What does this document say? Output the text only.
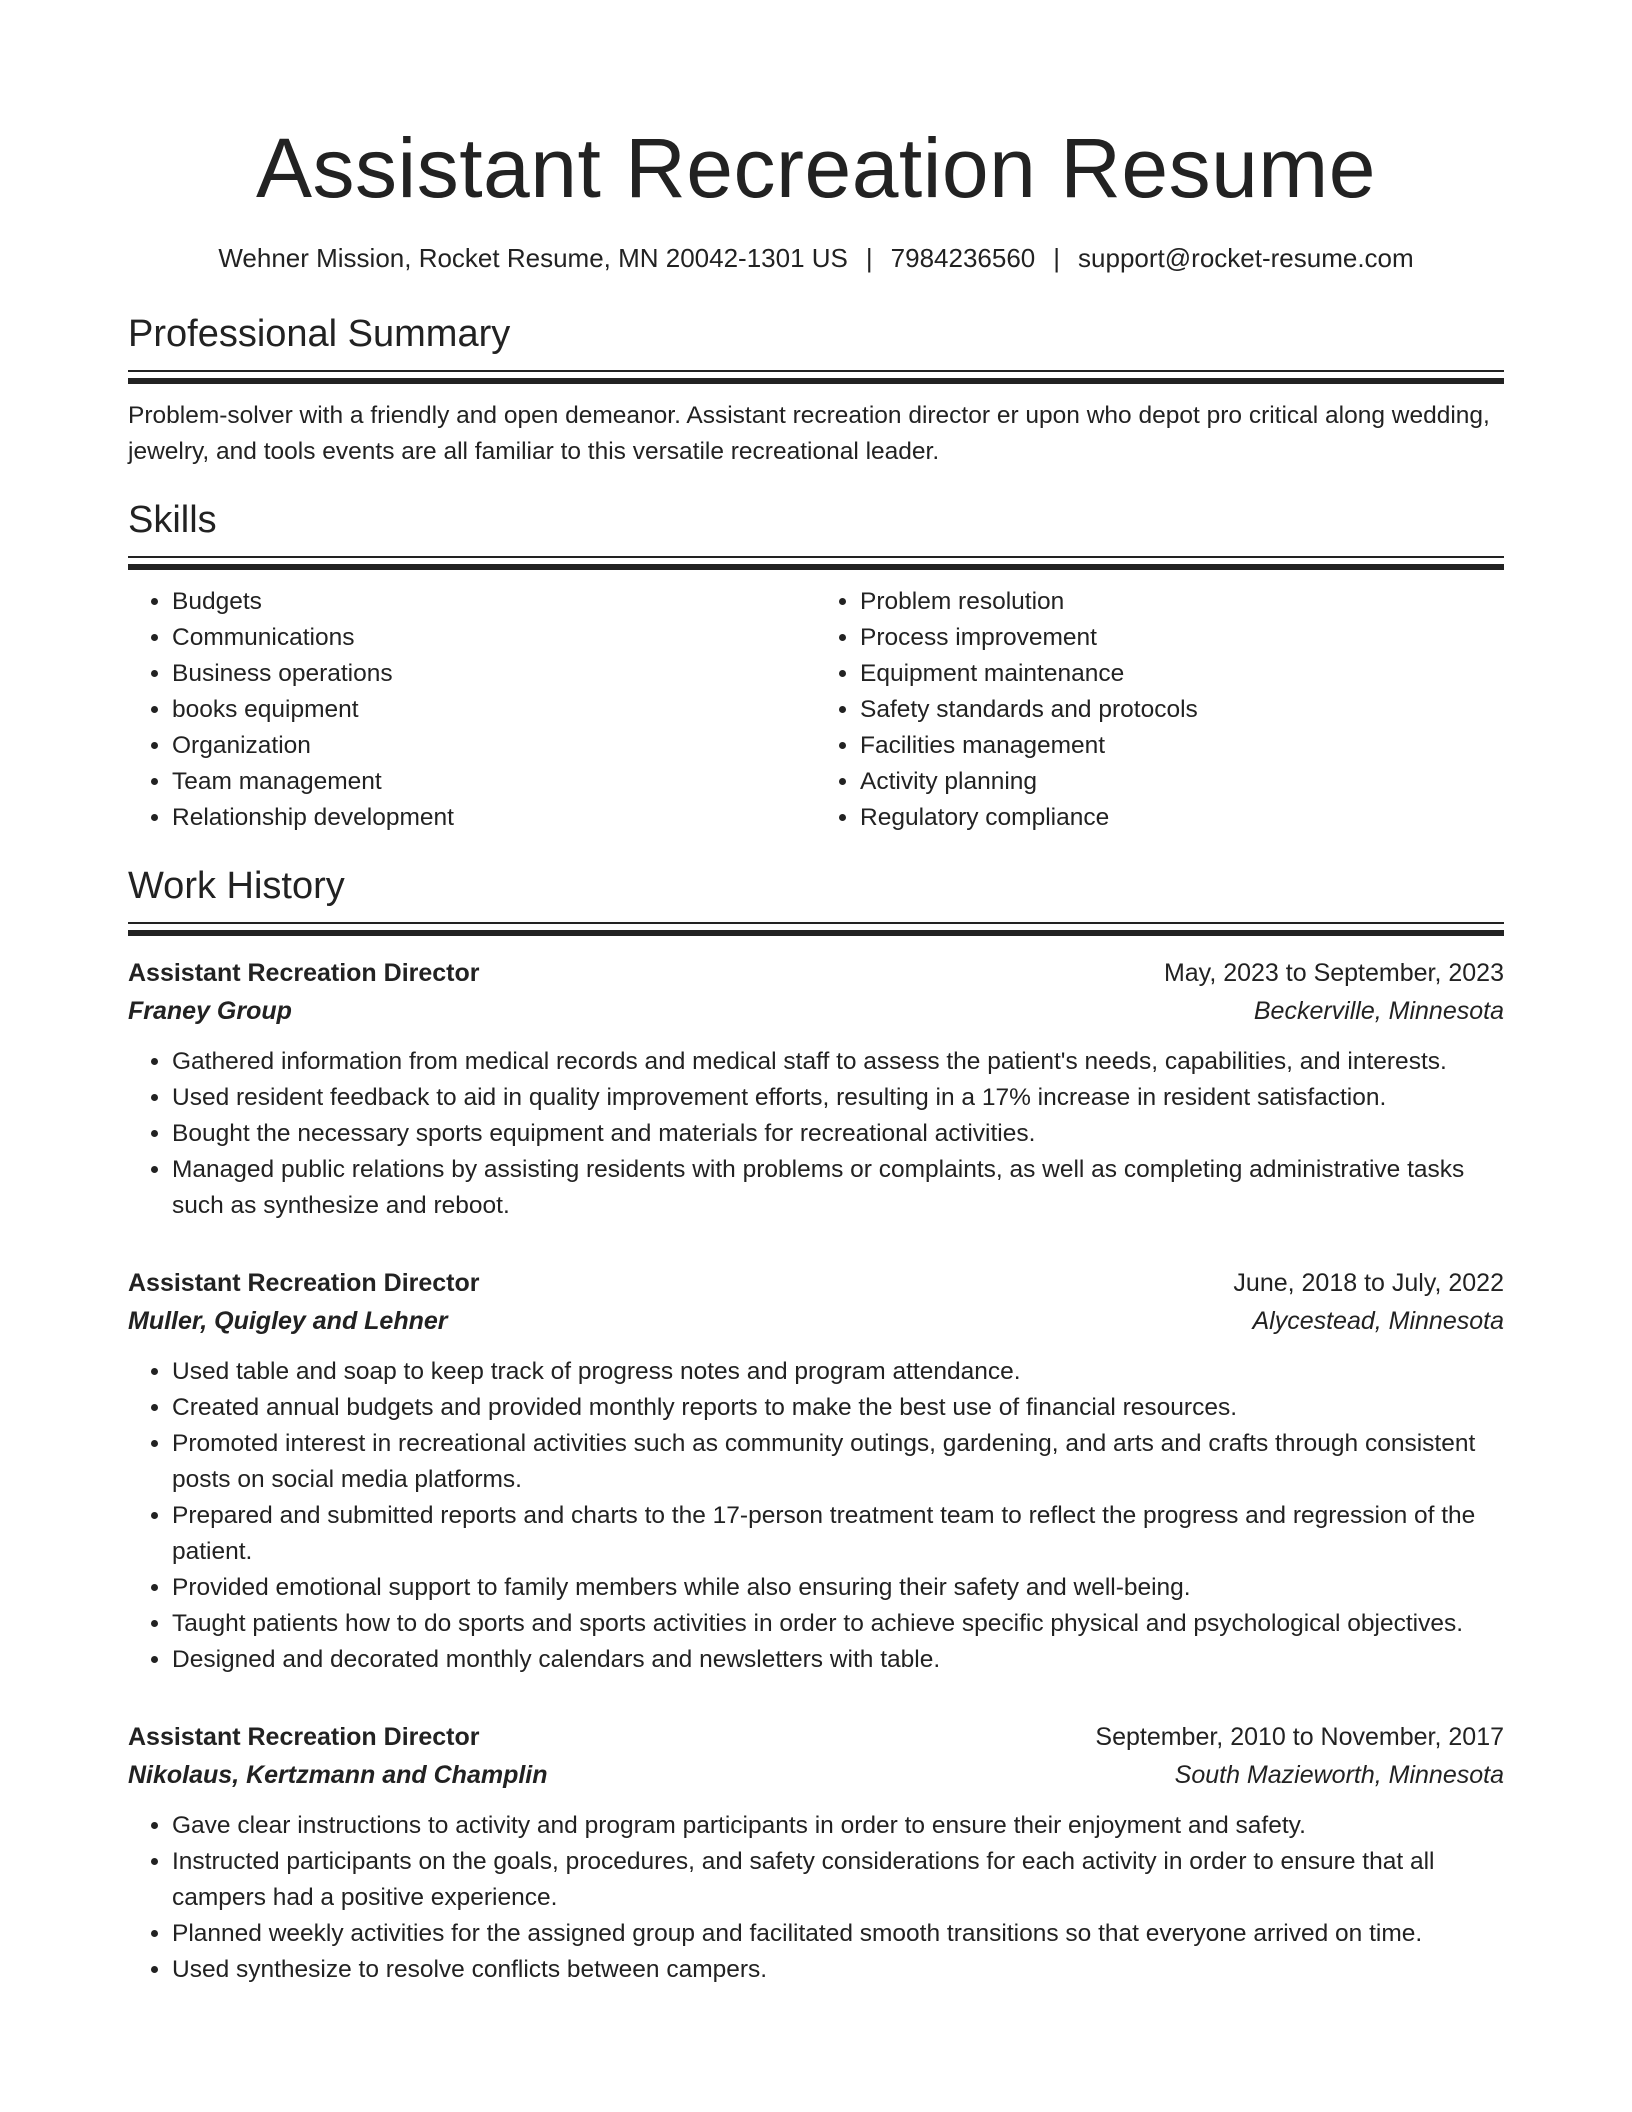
Assistant Recreation Resume
Wehner Mission, Rocket Resume, MN 20042-1301 US | 7984236560 | support@rocket-resume.com
Professional Summary
Problem-solver with a friendly and open demeanor. Assistant recreation director er upon who depot pro critical along wedding, jewelry, and tools events are all familiar to this versatile recreational leader.
Skills
• Budgets
• Communications
• Business operations
• books equipment
• Organization
• Team management
• Relationship development
• Problem resolution
• Process improvement
• Equipment maintenance
• Safety standards and protocols
• Facilities management
• Activity planning
• Regulatory compliance
Work History
Assistant Recreation Director	May, 2023 to September, 2023
Franey Group	Beckerville, Minnesota
• Gathered information from medical records and medical staff to assess the patient's needs, capabilities, and interests.
• Used resident feedback to aid in quality improvement efforts, resulting in a 17% increase in resident satisfaction.
• Bought the necessary sports equipment and materials for recreational activities.
• Managed public relations by assisting residents with problems or complaints, as well as completing administrative tasks such as synthesize and reboot.
Assistant Recreation Director	June, 2018 to July, 2022
Muller, Quigley and Lehner	Alycestead, Minnesota
• Used table and soap to keep track of progress notes and program attendance.
• Created annual budgets and provided monthly reports to make the best use of financial resources.
• Promoted interest in recreational activities such as community outings, gardening, and arts and crafts through consistent posts on social media platforms.
• Prepared and submitted reports and charts to the 17-person treatment team to reflect the progress and regression of the patient.
• Provided emotional support to family members while also ensuring their safety and well-being.
• Taught patients how to do sports and sports activities in order to achieve specific physical and psychological objectives.
• Designed and decorated monthly calendars and newsletters with table.
Assistant Recreation Director	September, 2010 to November, 2017
Nikolaus, Kertzmann and Champlin	South Mazieworth, Minnesota
• Gave clear instructions to activity and program participants in order to ensure their enjoyment and safety.
• Instructed participants on the goals, procedures, and safety considerations for each activity in order to ensure that all campers had a positive experience.
• Planned weekly activities for the assigned group and facilitated smooth transitions so that everyone arrived on time.
• Used synthesize to resolve conflicts between campers.
